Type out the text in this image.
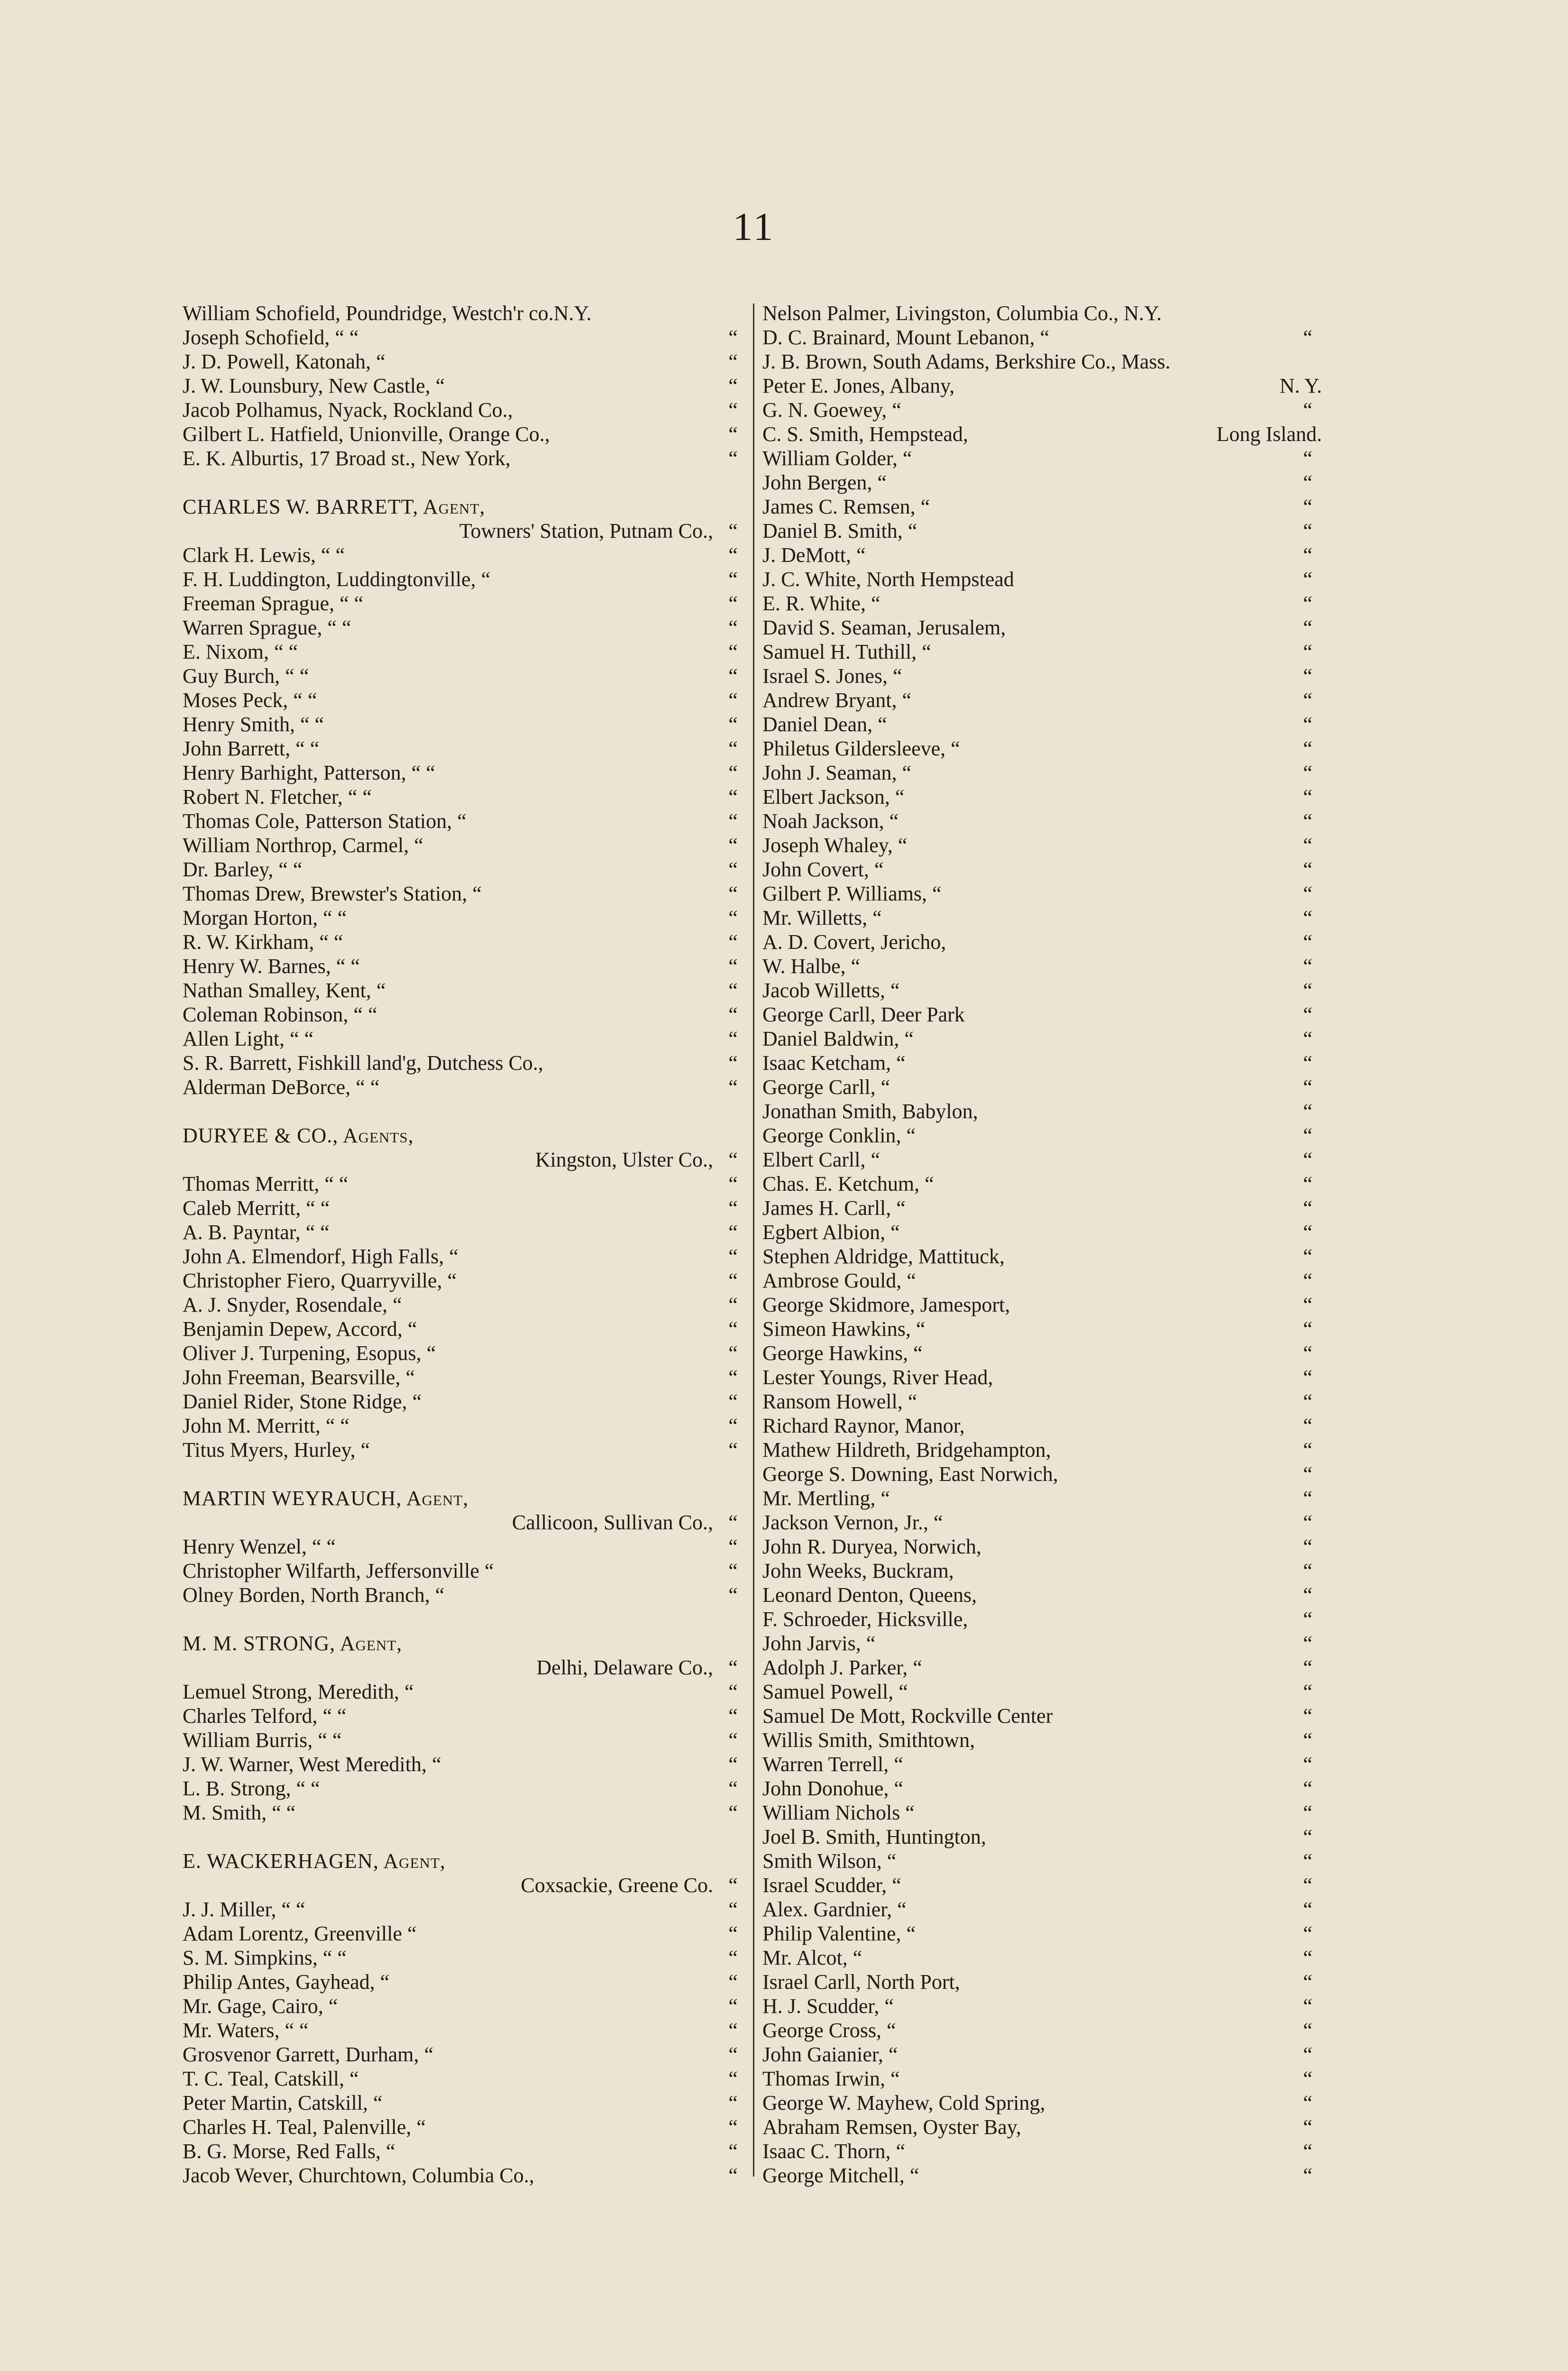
11
William Schofield, Poundridge, Westch'r co.N.Y.
Joseph Schofield, “ “	“
J. D. Powell, Katonah, “	“
J. W. Lounsbury, New Castle, “	“
Jacob Polhamus, Nyack, Rockland Co.,	“
Gilbert L. Hatfield, Unionville, Orange Co.,	“
E. K. Alburtis, 17 Broad st., New York,	“
CHARLES W. BARRETT, Agent,
Towners' Station, Putnam Co., “
Clark H. Lewis, “ “	“
F. H. Luddington, Luddingtonville, “	“
Freeman Sprague, “ “	“
Warren Sprague, “ “	“
E. Nixom, “ “	“
Guy Burch, “ “	“
Moses Peck, “ “	“
Henry Smith, “ “	“
John Barrett, “ “	“
Henry Barhight, Patterson, “ “	“
Robert N. Fletcher, “ “	“
Thomas Cole, Patterson Station, “	“
William Northrop, Carmel, “	“
Dr. Barley, “ “	“
Thomas Drew, Brewster's Station, “	“
Morgan Horton, “ “	“
R. W. Kirkham, “ “	“
Henry W. Barnes, “ “	“
Nathan Smalley, Kent, “	“
Coleman Robinson, “ “	“
Allen Light, “ “	“
S. R. Barrett, Fishkill land'g, Dutchess Co.,	“
Alderman DeBorce, “ “	“
DURYEE & CO., Agents,
Kingston, Ulster Co., “
Thomas Merritt, “ “	“
Caleb Merritt, “ “	“
A. B. Payntar, “ “	“
John A. Elmendorf, High Falls, “	“
Christopher Fiero, Quarryville, “	“
A. J. Snyder, Rosendale, “	“
Benjamin Depew, Accord, “	“
Oliver J. Turpening, Esopus, “	“
John Freeman, Bearsville, “	“
Daniel Rider, Stone Ridge, “	“
John M. Merritt, “ “	“
Titus Myers, Hurley, “	“
MARTIN WEYRAUCH, Agent,
Callicoon, Sullivan Co., “
Henry Wenzel, “ “	“
Christopher Wilfarth, Jeffersonville “	“
Olney Borden, North Branch, “	“
M. M. STRONG, Agent,
Delhi, Delaware Co., “
Lemuel Strong, Meredith, “	“
Charles Telford, “ “	“
William Burris, “ “	“
J. W. Warner, West Meredith, “	“
L. B. Strong, “ “	“
M. Smith, “ “	“
E. WACKERHAGEN, Agent,
Coxsackie, Greene Co. “
J. J. Miller, “ “	“
Adam Lorentz, Greenville “	“
S. M. Simpkins, “ “	“
Philip Antes, Gayhead, “	“
Mr. Gage, Cairo, “	“
Mr. Waters, “ “	“
Grosvenor Garrett, Durham, “	“
T. C. Teal, Catskill, “	“
Peter Martin, Catskill, “	“
Charles H. Teal, Palenville, “	“
B. G. Morse, Red Falls, “	“
Jacob Wever, Churchtown, Columbia Co.,	“
Nelson Palmer, Livingston, Columbia Co., N.Y.
D. C. Brainard, Mount Lebanon, “	“
J. B. Brown, South Adams, Berkshire Co., Mass.
Peter E. Jones, Albany,	N. Y.
G. N. Goewey, “	“
C. S. Smith, Hempstead,	Long Island.
William Golder, “	“
John Bergen, “	“
James C. Remsen, “	“
Daniel B. Smith, “	“
J. DeMott, “	“
J. C. White, North Hempstead	“
E. R. White, “	“
David S. Seaman, Jerusalem,	“
Samuel H. Tuthill, “	“
Israel S. Jones, “	“
Andrew Bryant, “	“
Daniel Dean, “	“
Philetus Gildersleeve, “	“
John J. Seaman, “	“
Elbert Jackson, “	“
Noah Jackson, “	“
Joseph Whaley, “	“
John Covert, “	“
Gilbert P. Williams, “	“
Mr. Willetts, “	“
A. D. Covert, Jericho,	“
W. Halbe, “	“
Jacob Willetts, “	“
George Carll, Deer Park	“
Daniel Baldwin, “	“
Isaac Ketcham, “	“
George Carll, “	“
Jonathan Smith, Babylon,	“
George Conklin, “	“
Elbert Carll, “	“
Chas. E. Ketchum, “	“
James H. Carll, “	“
Egbert Albion, “	“
Stephen Aldridge, Mattituck,	“
Ambrose Gould, “	“
George Skidmore, Jamesport,	“
Simeon Hawkins, “	“
George Hawkins, “	“
Lester Youngs, River Head,	“
Ransom Howell, “	“
Richard Raynor, Manor,	“
Mathew Hildreth, Bridgehampton,	“
George S. Downing, East Norwich,	“
Mr. Mertling, “	“
Jackson Vernon, Jr., “	“
John R. Duryea, Norwich,	“
John Weeks, Buckram,	“
Leonard Denton, Queens,	“
F. Schroeder, Hicksville,	“
John Jarvis, “	“
Adolph J. Parker, “	“
Samuel Powell, “	“
Samuel De Mott, Rockville Center	“
Willis Smith, Smithtown,	“
Warren Terrell, “	“
John Donohue, “	“
William Nichols “	“
Joel B. Smith, Huntington,	“
Smith Wilson, “	“
Israel Scudder, “	“
Alex. Gardnier, “	“
Philip Valentine, “	“
Mr. Alcot, “	“
Israel Carll, North Port,	“
H. J. Scudder, “	“
George Cross, “	“
John Gaianier, “	“
Thomas Irwin, “	“
George W. Mayhew, Cold Spring,	“
Abraham Remsen, Oyster Bay,	“
Isaac C. Thorn, “	“
George Mitchell, “	“
